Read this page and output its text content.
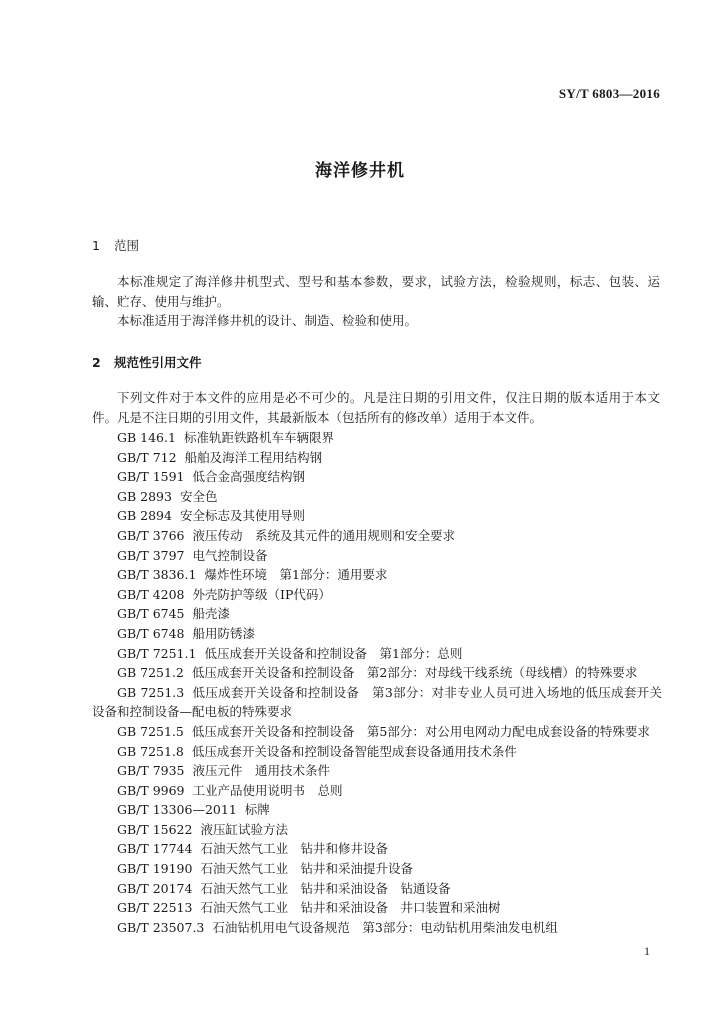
SY/T 6803—2016
海洋修井机
1 范围
本标准规定了海洋修井机型式、型号和基本参数，要求，试验方法，检验规则，标志、包装、运输、贮存、使用与维护。
本标准适用于海洋修井机的设计、制造、检验和使用。
2 规范性引用文件
下列文件对于本文件的应用是必不可少的。凡是注日期的引用文件，仅注日期的版本适用于本文件。凡是不注日期的引用文件，其最新版本（包括所有的修改单）适用于本文件。
GB 146.1 标准轨距铁路机车车辆限界
GB/T 712 船舶及海洋工程用结构钢
GB/T 1591 低合金高强度结构钢
GB 2893 安全色
GB 2894 安全标志及其使用导则
GB/T 3766 液压传动　系统及其元件的通用规则和安全要求
GB/T 3797 电气控制设备
GB/T 3836.1 爆炸性环境　第1部分：通用要求
GB/T 4208 外壳防护等级（IP代码）
GB/T 6745 船壳漆
GB/T 6748 船用防锈漆
GB/T 7251.1 低压成套开关设备和控制设备　第1部分：总则
GB 7251.2 低压成套开关设备和控制设备　第2部分：对母线干线系统（母线槽）的特殊要求
GB 7251.3 低压成套开关设备和控制设备　第3部分：对非专业人员可进入场地的低压成套开关设备和控制设备—配电板的特殊要求
GB 7251.5 低压成套开关设备和控制设备　第5部分：对公用电网动力配电成套设备的特殊要求
GB 7251.8 低压成套开关设备和控制设备智能型成套设备通用技术条件
GB/T 7935 液压元件　通用技术条件
GB/T 9969 工业产品使用说明书　总则
GB/T 13306—2011 标牌
GB/T 15622 液压缸试验方法
GB/T 17744 石油天然气工业　钻井和修井设备
GB/T 19190 石油天然气工业　钻井和采油提升设备
GB/T 20174 石油天然气工业　钻井和采油设备　钻通设备
GB/T 22513 石油天然气工业　钻井和采油设备　井口装置和采油树
GB/T 23507.3 石油钻机用电气设备规范　第3部分：电动钻机用柴油发电机组
1
